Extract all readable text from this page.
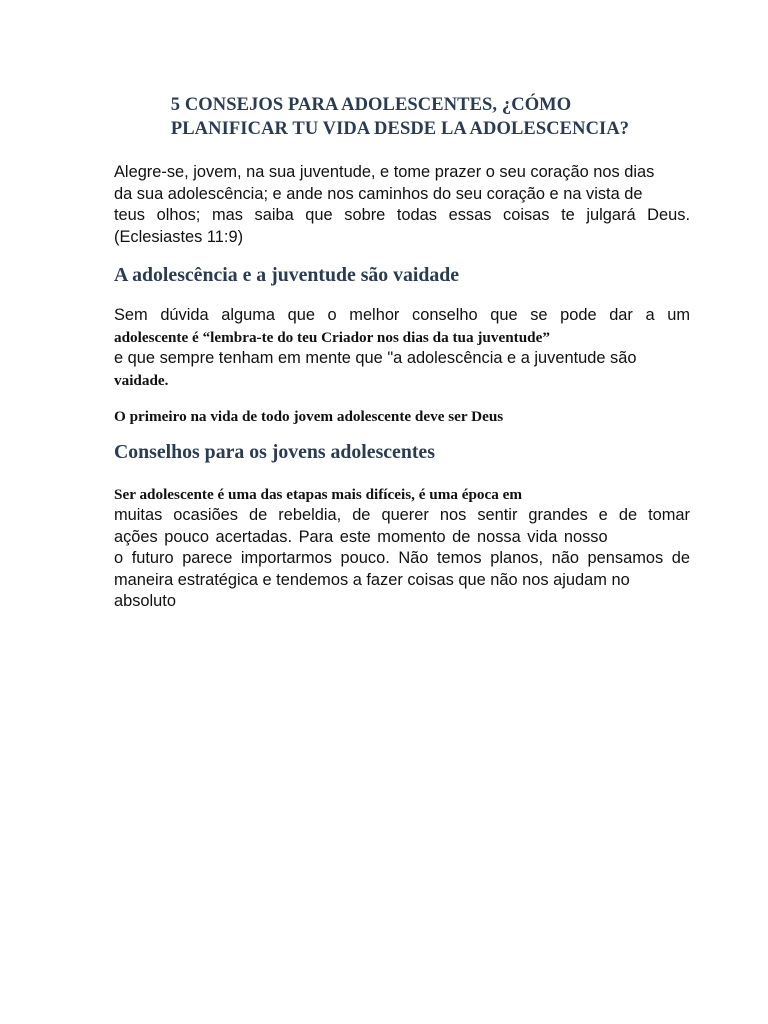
5 CONSEJOS PARA ADOLESCENTES, ¿CÓMO
PLANIFICAR TU VIDA DESDE LA ADOLESCENCIA?
Alegre-se, jovem, na sua juventude, e tome prazer o seu coração nos dias
da sua adolescência; e ande nos caminhos do seu coração e na vista de
teus olhos; mas saiba que sobre todas essas coisas te julgará Deus.
(Eclesiastes 11:9)
A adolescência e a juventude são vaidade
Sem dúvida alguma que o melhor conselho que se pode dar a um
adolescente é “lembra-te do teu Criador nos dias da tua juventude”
e que sempre tenham em mente que "a adolescência e a juventude são
vaidade.

O primeiro na vida de todo jovem adolescente deve ser Deus

Conselhos para os jovens adolescentes

Ser adolescente é uma das etapas mais difíceis, é uma época em

muitas ocasiões de rebeldia, de querer nos sentir grandes e de tomar
ações pouco acertadas. Para este momento de nossa vida nosso
o futuro parece importarmos pouco. Não temos planos, não pensamos de
maneira estratégica e tendemos a fazer coisas que não nos ajudam no
absoluto
